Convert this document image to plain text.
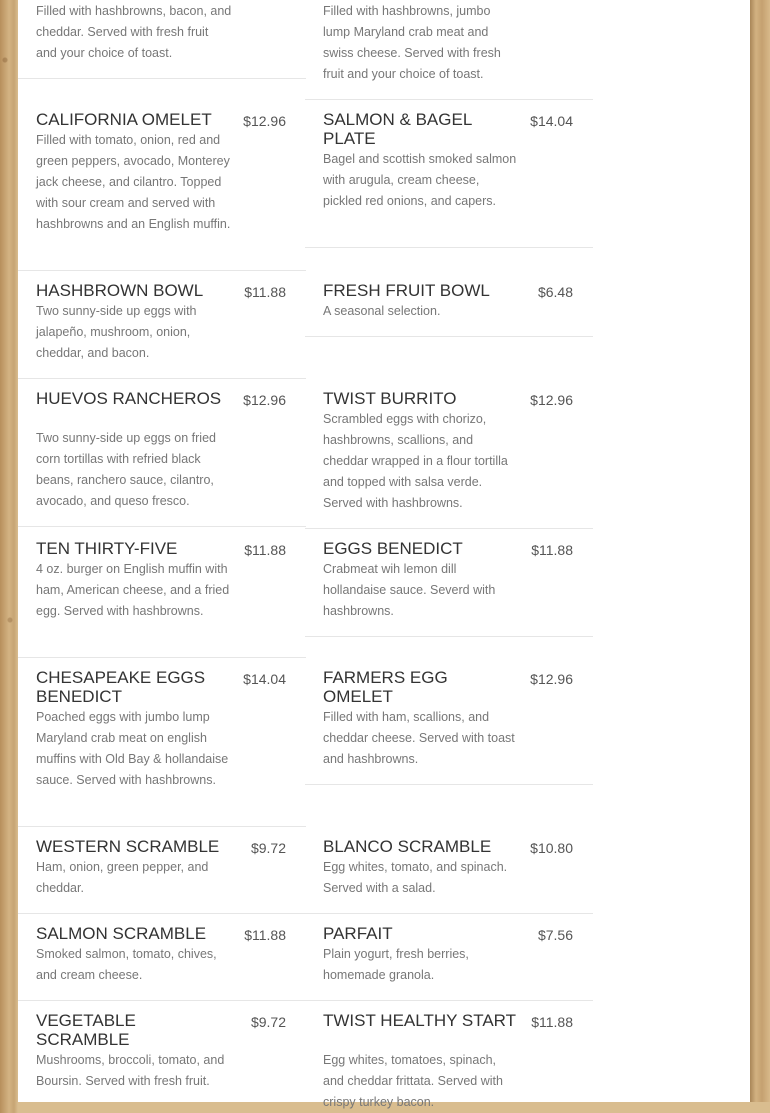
Filled with hashbrowns, bacon, and cheddar. Served with fresh fruit and your choice of toast.
CALIFORNIA OMELET	$12.96
Filled with tomato, onion, red and green peppers, avocado, Monterey jack cheese, and cilantro. Topped with sour cream and served with hashbrowns and an English muffin.
HASHBROWN BOWL	$11.88
Two sunny-side up eggs with jalapeño, mushroom, onion, cheddar, and bacon.
HUEVOS RANCHEROS	$12.96
Two sunny-side up eggs on fried corn tortillas with refried black beans, ranchero sauce, cilantro, avocado, and queso fresco.
TEN THIRTY-FIVE	$11.88
4 oz. burger on English muffin with ham, American cheese, and a fried egg. Served with hashbrowns.
CHESAPEAKE EGGS BENEDICT
$14.04
Poached eggs with jumbo lump Maryland crab meat on english muffins with Old Bay & hollandaise sauce. Served with hashbrowns.
WESTERN SCRAMBLE	$9.72
Ham, onion, green pepper, and cheddar.
SALMON SCRAMBLE	$11.88
Smoked salmon, tomato, chives, and cream cheese.
VEGETABLE SCRAMBLE
$9.72
Mushrooms, broccoli, tomato, and Boursin. Served with fresh fruit.
Filled with hashbrowns, jumbo lump Maryland crab meat and swiss cheese. Served with fresh fruit and your choice of toast.
SALMON & BAGEL PLATE
$14.04
Bagel and scottish smoked salmon with arugula, cream cheese, pickled red onions, and capers.
FRESH FRUIT BOWL	$6.48
A seasonal selection.
TWIST BURRITO	$12.96
Scrambled eggs with chorizo, hashbrowns, scallions, and cheddar wrapped in a flour tortilla and topped with salsa verde. Served with hashbrowns.
EGGS BENEDICT	$11.88
Crabmeat wih lemon dill hollandaise sauce. Severd with hashbrowns.
FARMERS EGG OMELET
$12.96
Filled with ham, scallions, and cheddar cheese. Served with toast and hashbrowns.
BLANCO SCRAMBLE	$10.80
Egg whites, tomato, and spinach. Served with a salad.
PARFAIT	$7.56
Plain yogurt, fresh berries, homemade granola.
TWIST HEALTHY START $11.88
Egg whites, tomatoes, spinach, and cheddar frittata. Served with crispy turkey bacon.
